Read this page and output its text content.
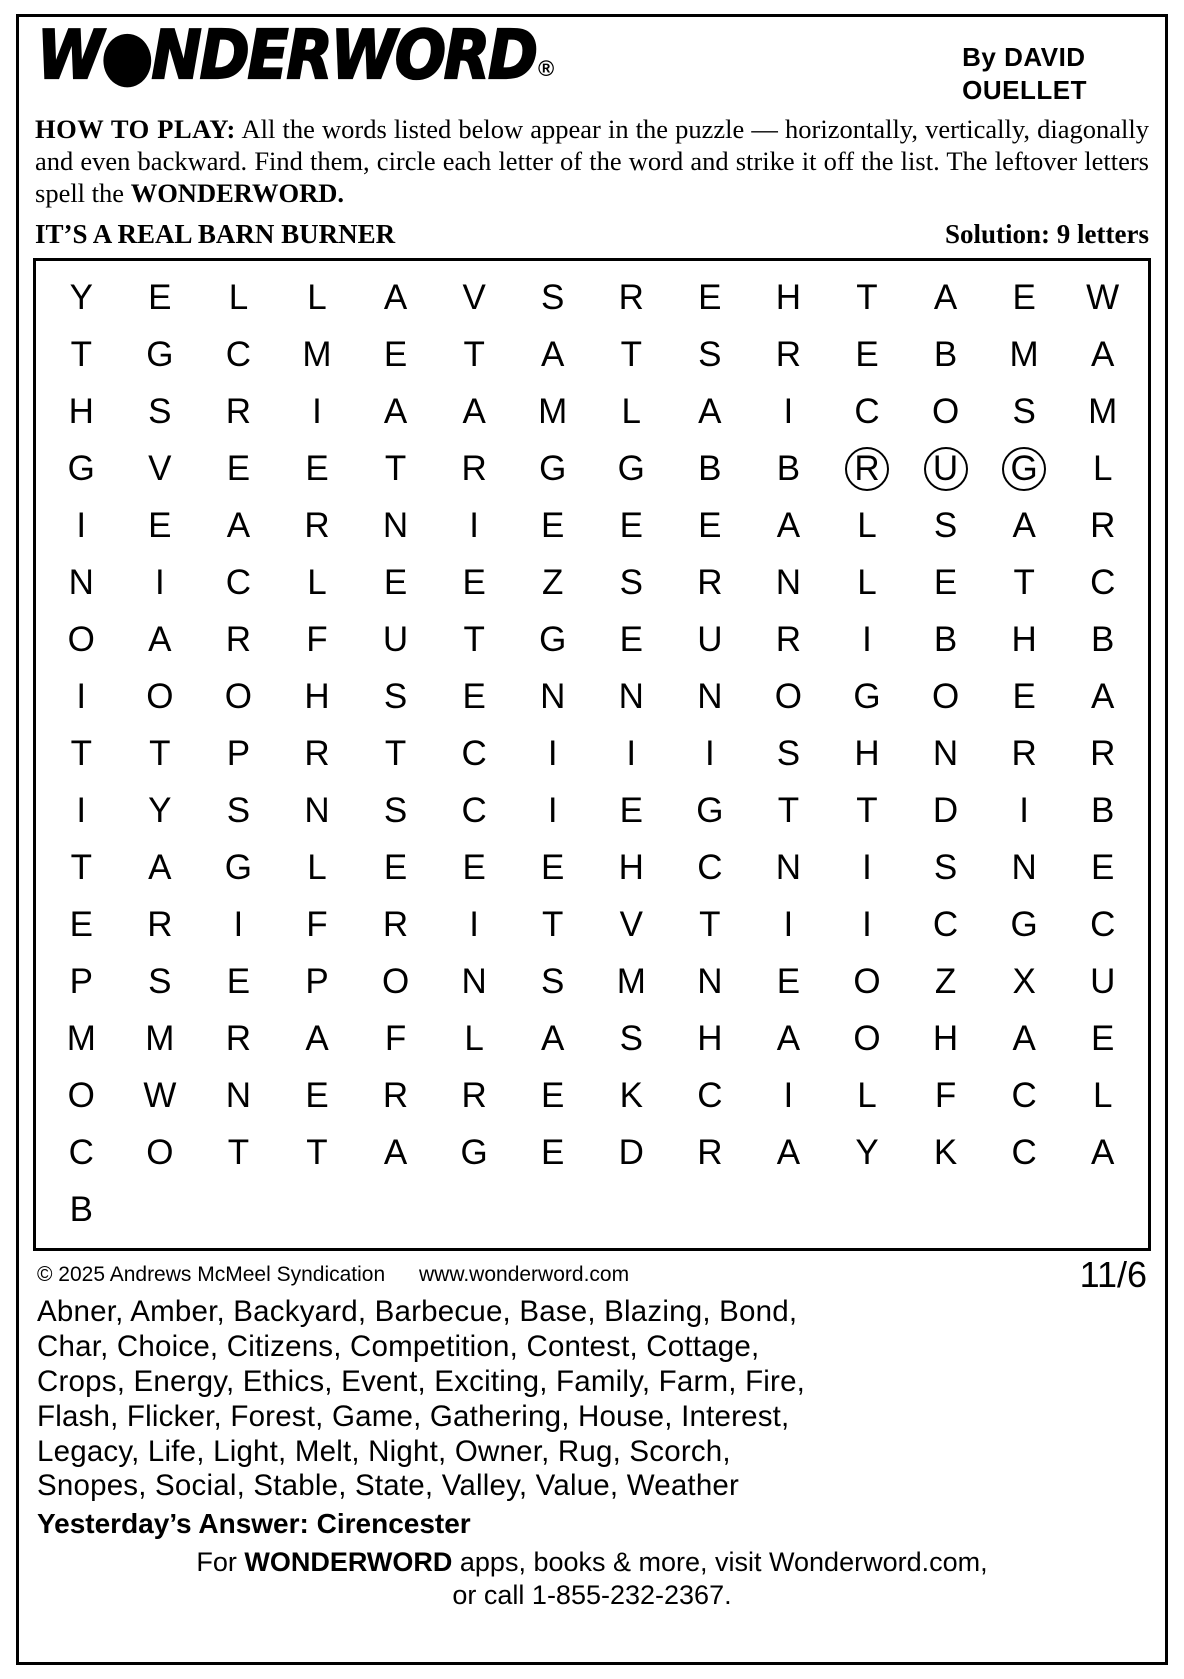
W●NDERWORD ®	By DAVID
OUELLET
HOW TO PLAY: All the words listed below appear in the puzzle — horizontally, vertically, diagonally and even backward. Find them, circle each letter of the word and strike it off the list. The leftover letters spell the WONDERWORD.
IT’S A REAL BARN BURNER	Solution: 9 letters
Y	E	L	L	A	V	S	R	E	H	T	A	E	W
T	G	C	M	E	T	A	T	S	R	E	B	M	A
H	S	R	I	A	A	M	L	A	I	C	O	S	M
G	V	E	E	T	R	G	G	B	B	R	U	G	L
I	E	A	R	N	I	E	E	E	A	L	S	A	R
N	I	C	L	E	E	Z	S	R	N	L	E	T	C
O	A	R	F	U	T	G	E	U	R	I	B	H	B
I	O	O	H	S	E	N	N	N	O	G	O	E	A
T	T	P	R	T	C	I	I	I	S	H	N	R	R
I	Y	S	N	S	C	I	E	G	T	T	D	I	B
T	A	G	L	E	E	E	H	C	N	I	S	N	E
E	R	I	F	R	I	T	V	T	I	I	C	G	C
P	S	E	P	O	N	S	M	N	E	O	Z	X	U
M	M	R	A	F	L	A	S	H	A	O	H	A	E
O	W	N	E	R	R	E	K	C	I	L	F	C	L
C	O	T	T	A	G	E	D	R	A	Y	K	C	A
B
© 2025 Andrews McMeel Syndication www.wonderword.com	11/6
Abner, Amber, Backyard, Barbecue, Base, Blazing, Bond,
Char, Choice, Citizens, Competition, Contest, Cottage,
Crops, Energy, Ethics, Event, Exciting, Family, Farm, Fire,
Flash, Flicker, Forest, Game, Gathering, House, Interest,
Legacy, Life, Light, Melt, Night, Owner, Rug, Scorch,
Snopes, Social, Stable, State, Valley, Value, Weather
Yesterday’s Answer: Cirencester
For WONDERWORD apps, books & more, visit Wonderword.com,
or call 1-855-232-2367.
